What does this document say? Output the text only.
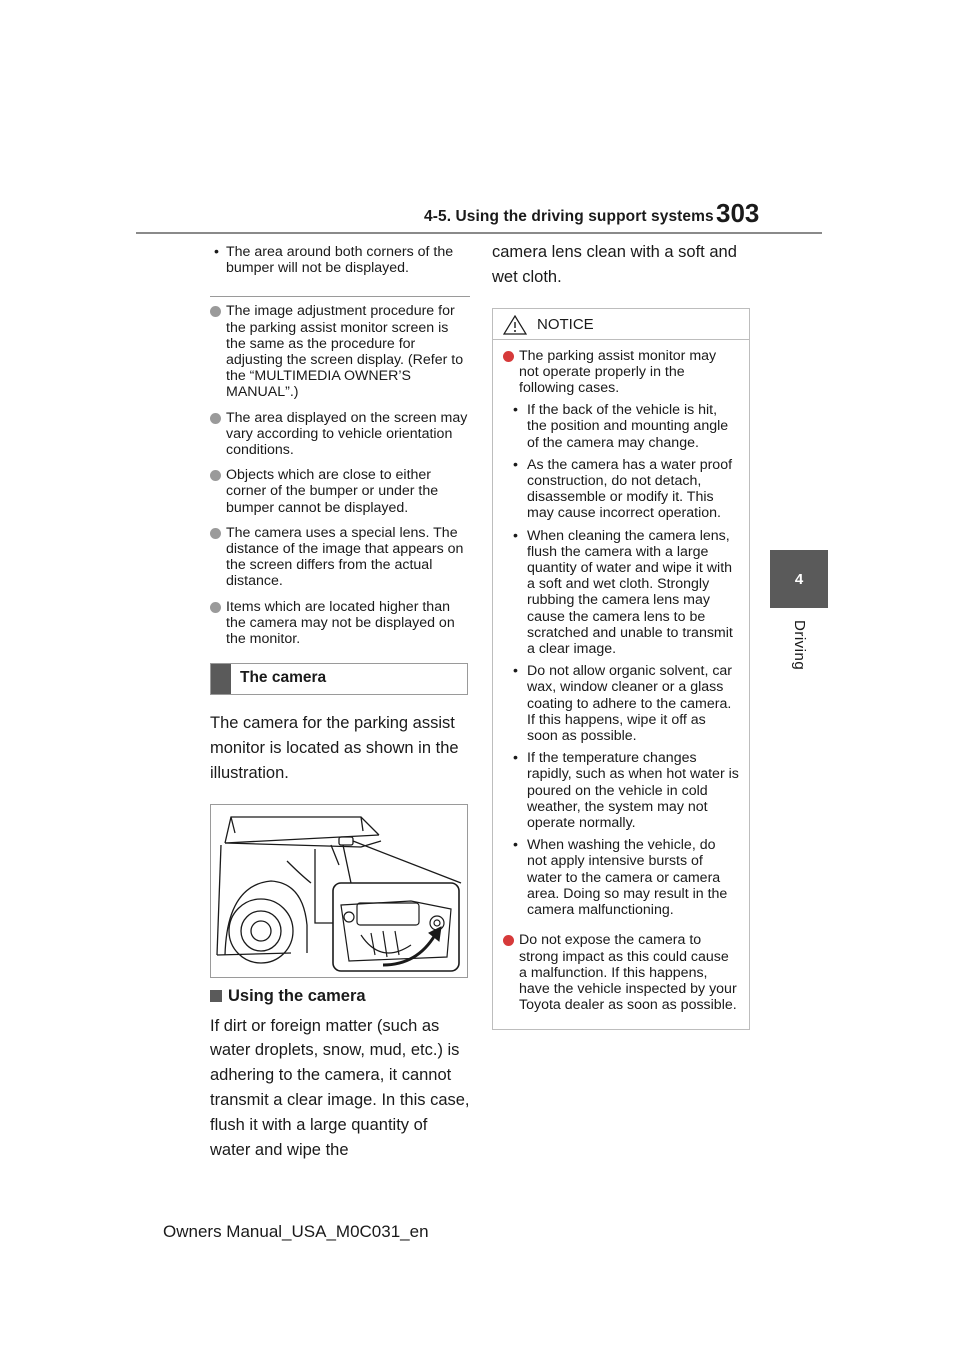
4-5. Using the driving support systems 303
4
Driving
• The area around both corners of the bumper will not be displayed.
The image adjustment procedure for the parking assist monitor screen is the same as the procedure for adjusting the screen display. (Refer to the “MULTIMEDIA OWNER’S MANUAL”.)
The area displayed on the screen may vary according to vehicle orientation conditions.
Objects which are close to either corner of the bumper or under the bumper cannot be displayed.
The camera uses a special lens. The distance of the image that appears on the screen differs from the actual distance.
Items which are located higher than the camera may not be displayed on the monitor.
The camera
The camera for the parking assist monitor is located as shown in the illustration.
Using the camera
If dirt or foreign matter (such as water droplets, snow, mud, etc.) is adhering to the camera, it cannot transmit a clear image. In this case, flush it with a large quantity of water and wipe the
camera lens clean with a soft and wet cloth.
NOTICE
The parking assist monitor may not operate properly in the following cases.
• If the back of the vehicle is hit, the position and mounting angle of the camera may change.
• As the camera has a water proof construction, do not detach, disassemble or modify it. This may cause incorrect operation.
• When cleaning the camera lens, flush the camera with a large quantity of water and wipe it with a soft and wet cloth. Strongly rubbing the camera lens may cause the camera lens to be scratched and unable to transmit a clear image.
• Do not allow organic solvent, car wax, window cleaner or a glass coating to adhere to the camera. If this happens, wipe it off as soon as possible.
• If the temperature changes rapidly, such as when hot water is poured on the vehicle in cold weather, the system may not operate normally.
• When washing the vehicle, do not apply intensive bursts of water to the camera or camera area. Doing so may result in the camera malfunctioning.
Do not expose the camera to strong impact as this could cause a malfunction. If this happens, have the vehicle inspected by your Toyota dealer as soon as possible.
Owners Manual_USA_M0C031_en
